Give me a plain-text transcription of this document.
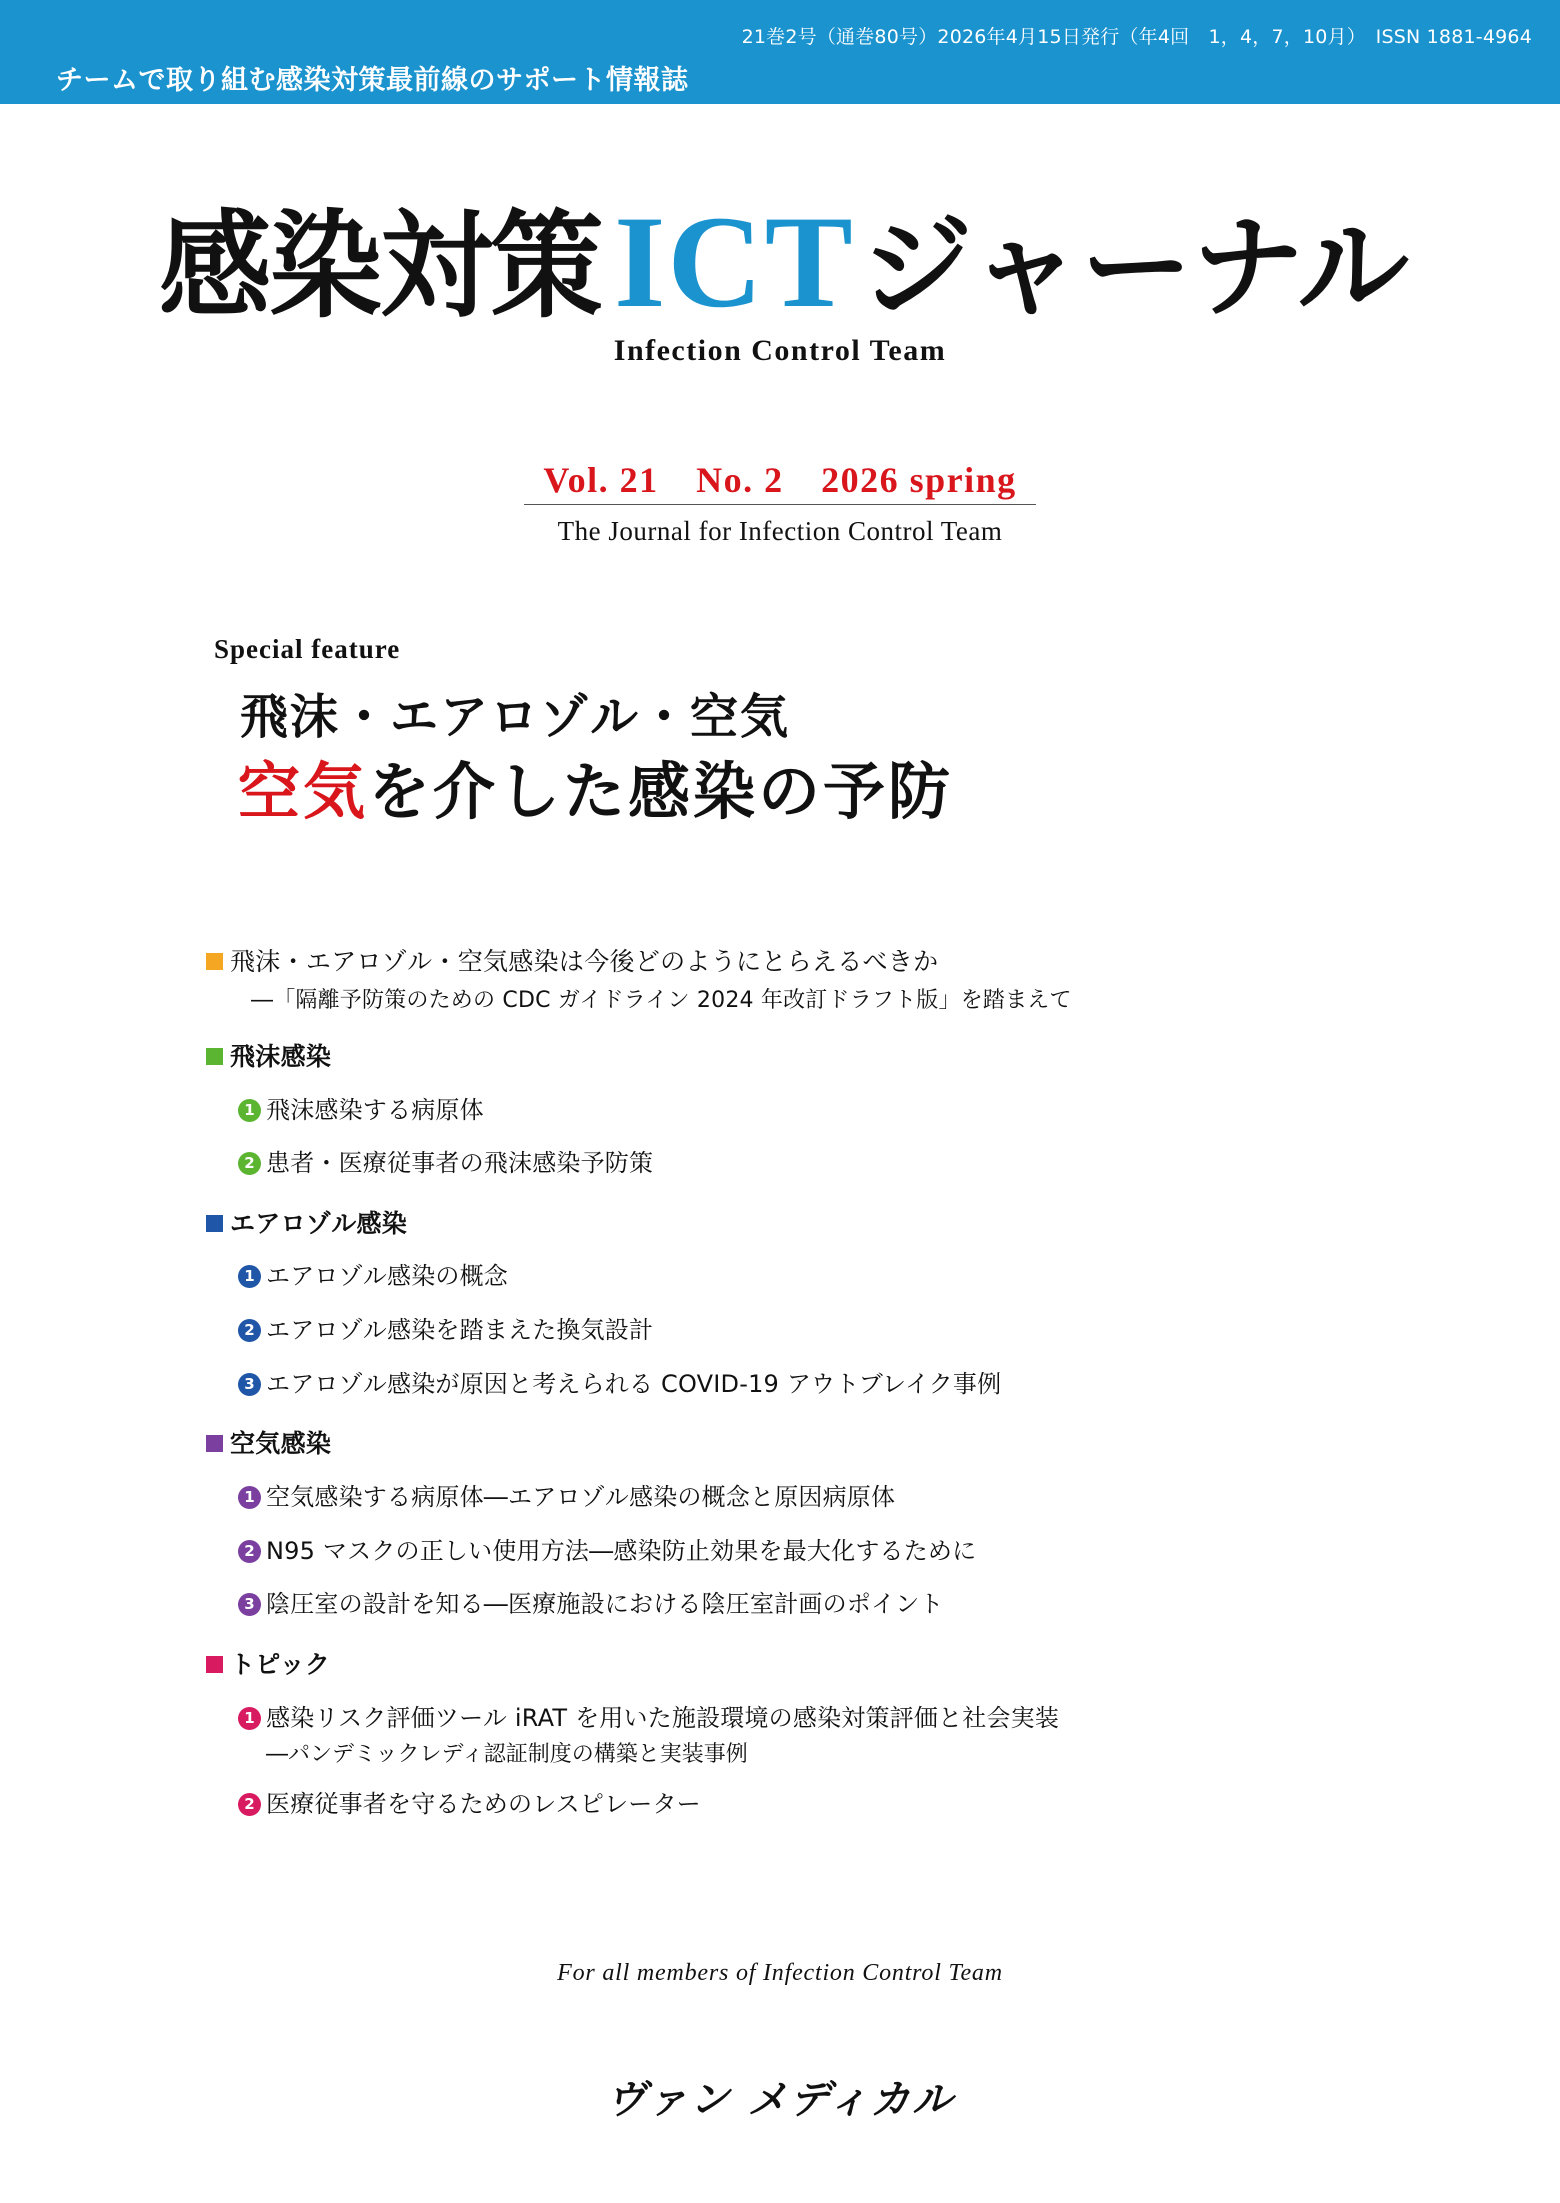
21巻2号（通巻80号）2026年4月15日発行（年4回　1，4，7，10月）　ISSN 1881-4964
チームで取り組む感染対策最前線のサポート情報誌
感染対策 ICT ジャーナル
Infection Control Team
Vol. 21　No. 2　2026 spring
The Journal for Infection Control Team
Special feature
飛沫・エアロゾル・空気
空気を介した感染の予防
飛沫・エアロゾル・空気感染は今後どのようにとらえるべきか
―「隔離予防策のための CDC ガイドライン 2024 年改訂ドラフト版」を踏まえて
飛沫感染
1 飛沫感染する病原体
2 患者・医療従事者の飛沫感染予防策
エアロゾル感染
1 エアロゾル感染の概念
2 エアロゾル感染を踏まえた換気設計
3 エアロゾル感染が原因と考えられる COVID-19 アウトブレイク事例
空気感染
1 空気感染する病原体―エアロゾル感染の概念と原因病原体
2 N95 マスクの正しい使用方法―感染防止効果を最大化するために
3 陰圧室の設計を知る―医療施設における陰圧室計画のポイント
トピック
1 感染リスク評価ツール iRAT を用いた施設環境の感染対策評価と社会実装
―パンデミックレディ認証制度の構築と実装事例
2 医療従事者を守るためのレスピレーター
For all members of Infection Control Team
ヴァン メディカル
